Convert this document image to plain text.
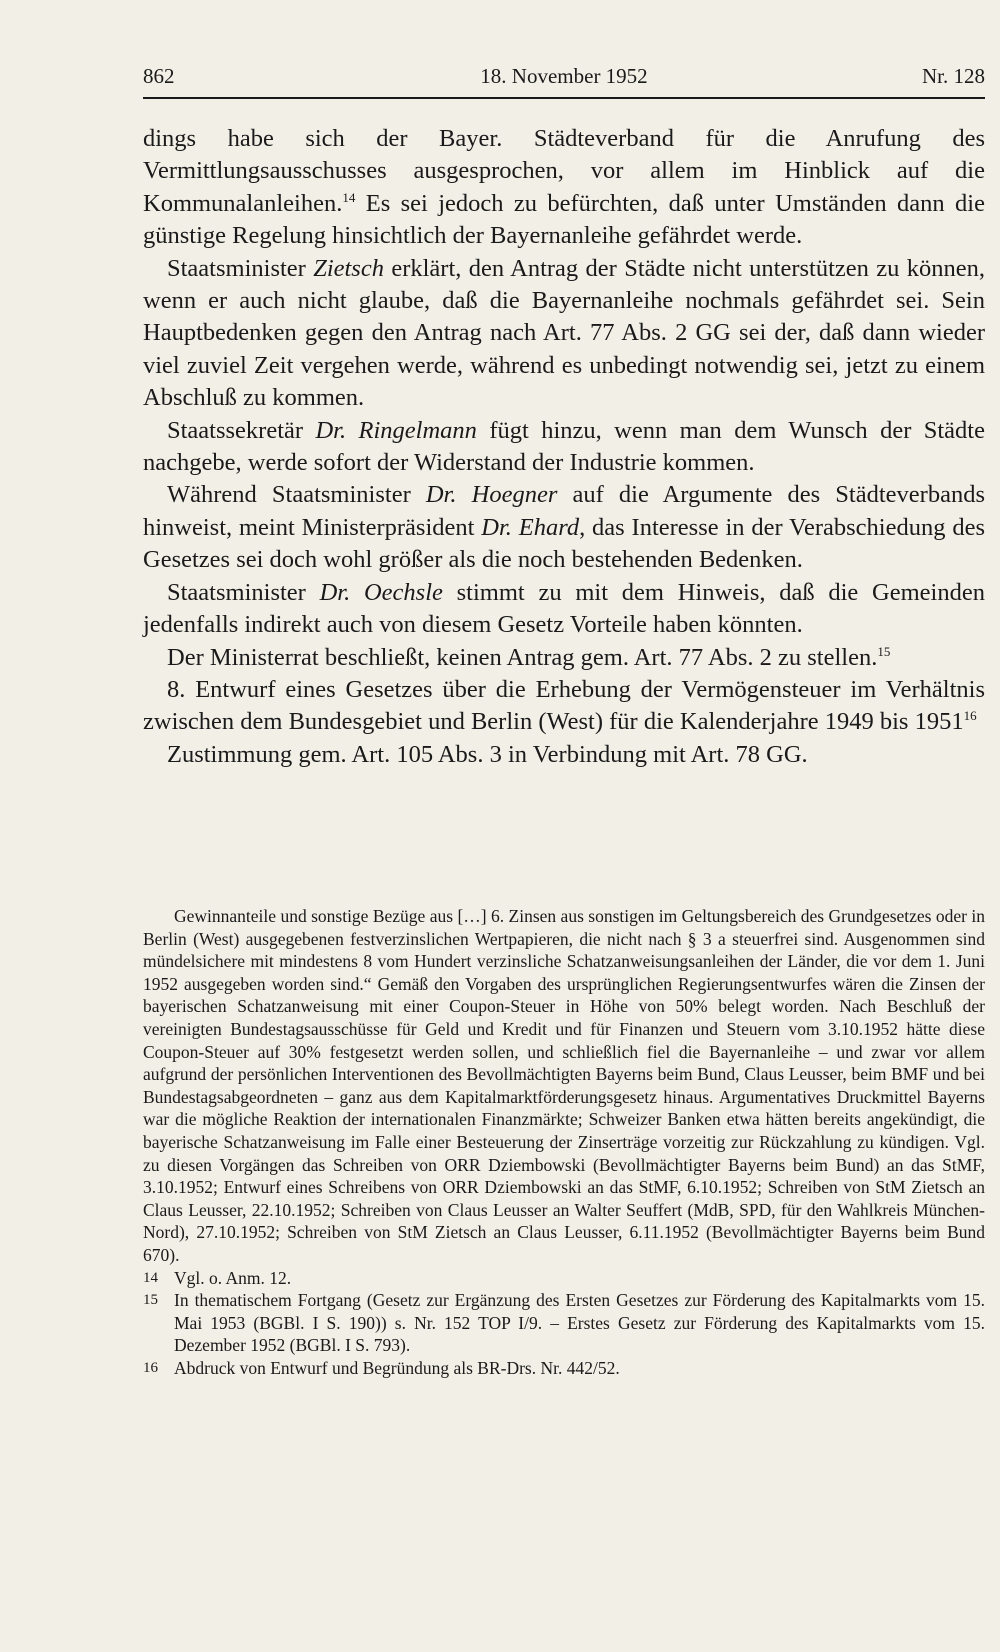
862	18. November 1952	Nr. 128

dings habe sich der Bayer. Städteverband für die Anrufung des Vermittlungsausschusses ausgesprochen, vor allem im Hinblick auf die Kommunalanleihen.$^{14}$ Es sei jedoch zu befürchten, daß unter Umständen dann die günstige Regelung hinsichtlich der Bayernanleihe gefährdet werde.

Staatsminister Zietsch erklärt, den Antrag der Städte nicht unterstützen zu können, wenn er auch nicht glaube, daß die Bayernanleihe nochmals gefährdet sei. Sein Hauptbedenken gegen den Antrag nach Art. 77 Abs. 2 GG sei der, daß dann wieder viel zuviel Zeit vergehen werde, während es unbedingt notwendig sei, jetzt zu einem Abschluß zu kommen.

Staatssekretär Dr. Ringelmann fügt hinzu, wenn man dem Wunsch der Städte nachgebe, werde sofort der Widerstand der Industrie kommen.

Während Staatsminister Dr. Hoegner auf die Argumente des Städteverbands hinweist, meint Ministerpräsident Dr. Ehard, das Interesse in der Verabschiedung des Gesetzes sei doch wohl größer als die noch bestehenden Bedenken.

Staatsminister Dr. Oechsle stimmt zu mit dem Hinweis, daß die Gemeinden jedenfalls indirekt auch von diesem Gesetz Vorteile haben könnten.

Der Ministerrat beschließt, keinen Antrag gem. Art. 77 Abs. 2 zu stellen.$^{15}$

8. Entwurf eines Gesetzes über die Erhebung der Vermögensteuer im Verhältnis zwischen dem Bundesgebiet und Berlin (West) für die Kalenderjahre 1949 bis 1951$^{16}$

Zustimmung gem. Art. 105 Abs. 3 in Verbindung mit Art. 78 GG.

Gewinnanteile und sonstige Bezüge aus […] 6. Zinsen aus sonstigen im Geltungsbereich des Grundgesetzes oder in Berlin (West) ausgegebenen festverzinslichen Wertpapieren, die nicht nach § 3 a steuerfrei sind. Ausgenommen sind mündelsichere mit mindestens 8 vom Hundert verzinsliche Schatzanweisungsanleihen der Länder, die vor dem 1. Juni 1952 ausgegeben worden sind.“ Gemäß den Vorgaben des ursprünglichen Regierungsentwurfes wären die Zinsen der bayerischen Schatzanweisung mit einer Coupon-Steuer in Höhe von 50% belegt worden. Nach Beschluß der vereinigten Bundestagsausschüsse für Geld und Kredit und für Finanzen und Steuern vom 3.10.1952 hätte diese Coupon-Steuer auf 30% festgesetzt werden sollen, und schließlich fiel die Bayernanleihe – und zwar vor allem aufgrund der persönlichen Interventionen des Bevollmächtigten Bayerns beim Bund, Claus Leusser, beim BMF und bei Bundestagsabgeordneten – ganz aus dem Kapitalmarktförderungsgesetz hinaus. Argumentatives Druckmittel Bayerns war die mögliche Reaktion der internationalen Finanzmärkte; Schweizer Banken etwa hätten bereits angekündigt, die bayerische Schatzanweisung im Falle einer Besteuerung der Zinserträge vorzeitig zur Rückzahlung zu kündigen. Vgl. zu diesen Vorgängen das Schreiben von ORR Dziembowski (Bevollmächtigter Bayerns beim Bund) an das StMF, 3.10.1952; Entwurf eines Schreibens von ORR Dziembowski an das StMF, 6.10.1952; Schreiben von StM Zietsch an Claus Leusser, 22.10.1952; Schreiben von Claus Leusser an Walter Seuffert (MdB, SPD, für den Wahlkreis München-Nord), 27.10.1952; Schreiben von StM Zietsch an Claus Leusser, 6.11.1952 (Bevollmächtigter Bayerns beim Bund 670).

14 Vgl. o. Anm. 12.
15 In thematischem Fortgang (Gesetz zur Ergänzung des Ersten Gesetzes zur Förderung des Kapitalmarkts vom 15. Mai 1953 (BGBl. I S. 190)) s. Nr. 152 TOP I/9. – Erstes Gesetz zur Förderung des Kapitalmarkts vom 15. Dezember 1952 (BGBl. I S. 793).
16 Abdruck von Entwurf und Begründung als BR-Drs. Nr. 442/52.
